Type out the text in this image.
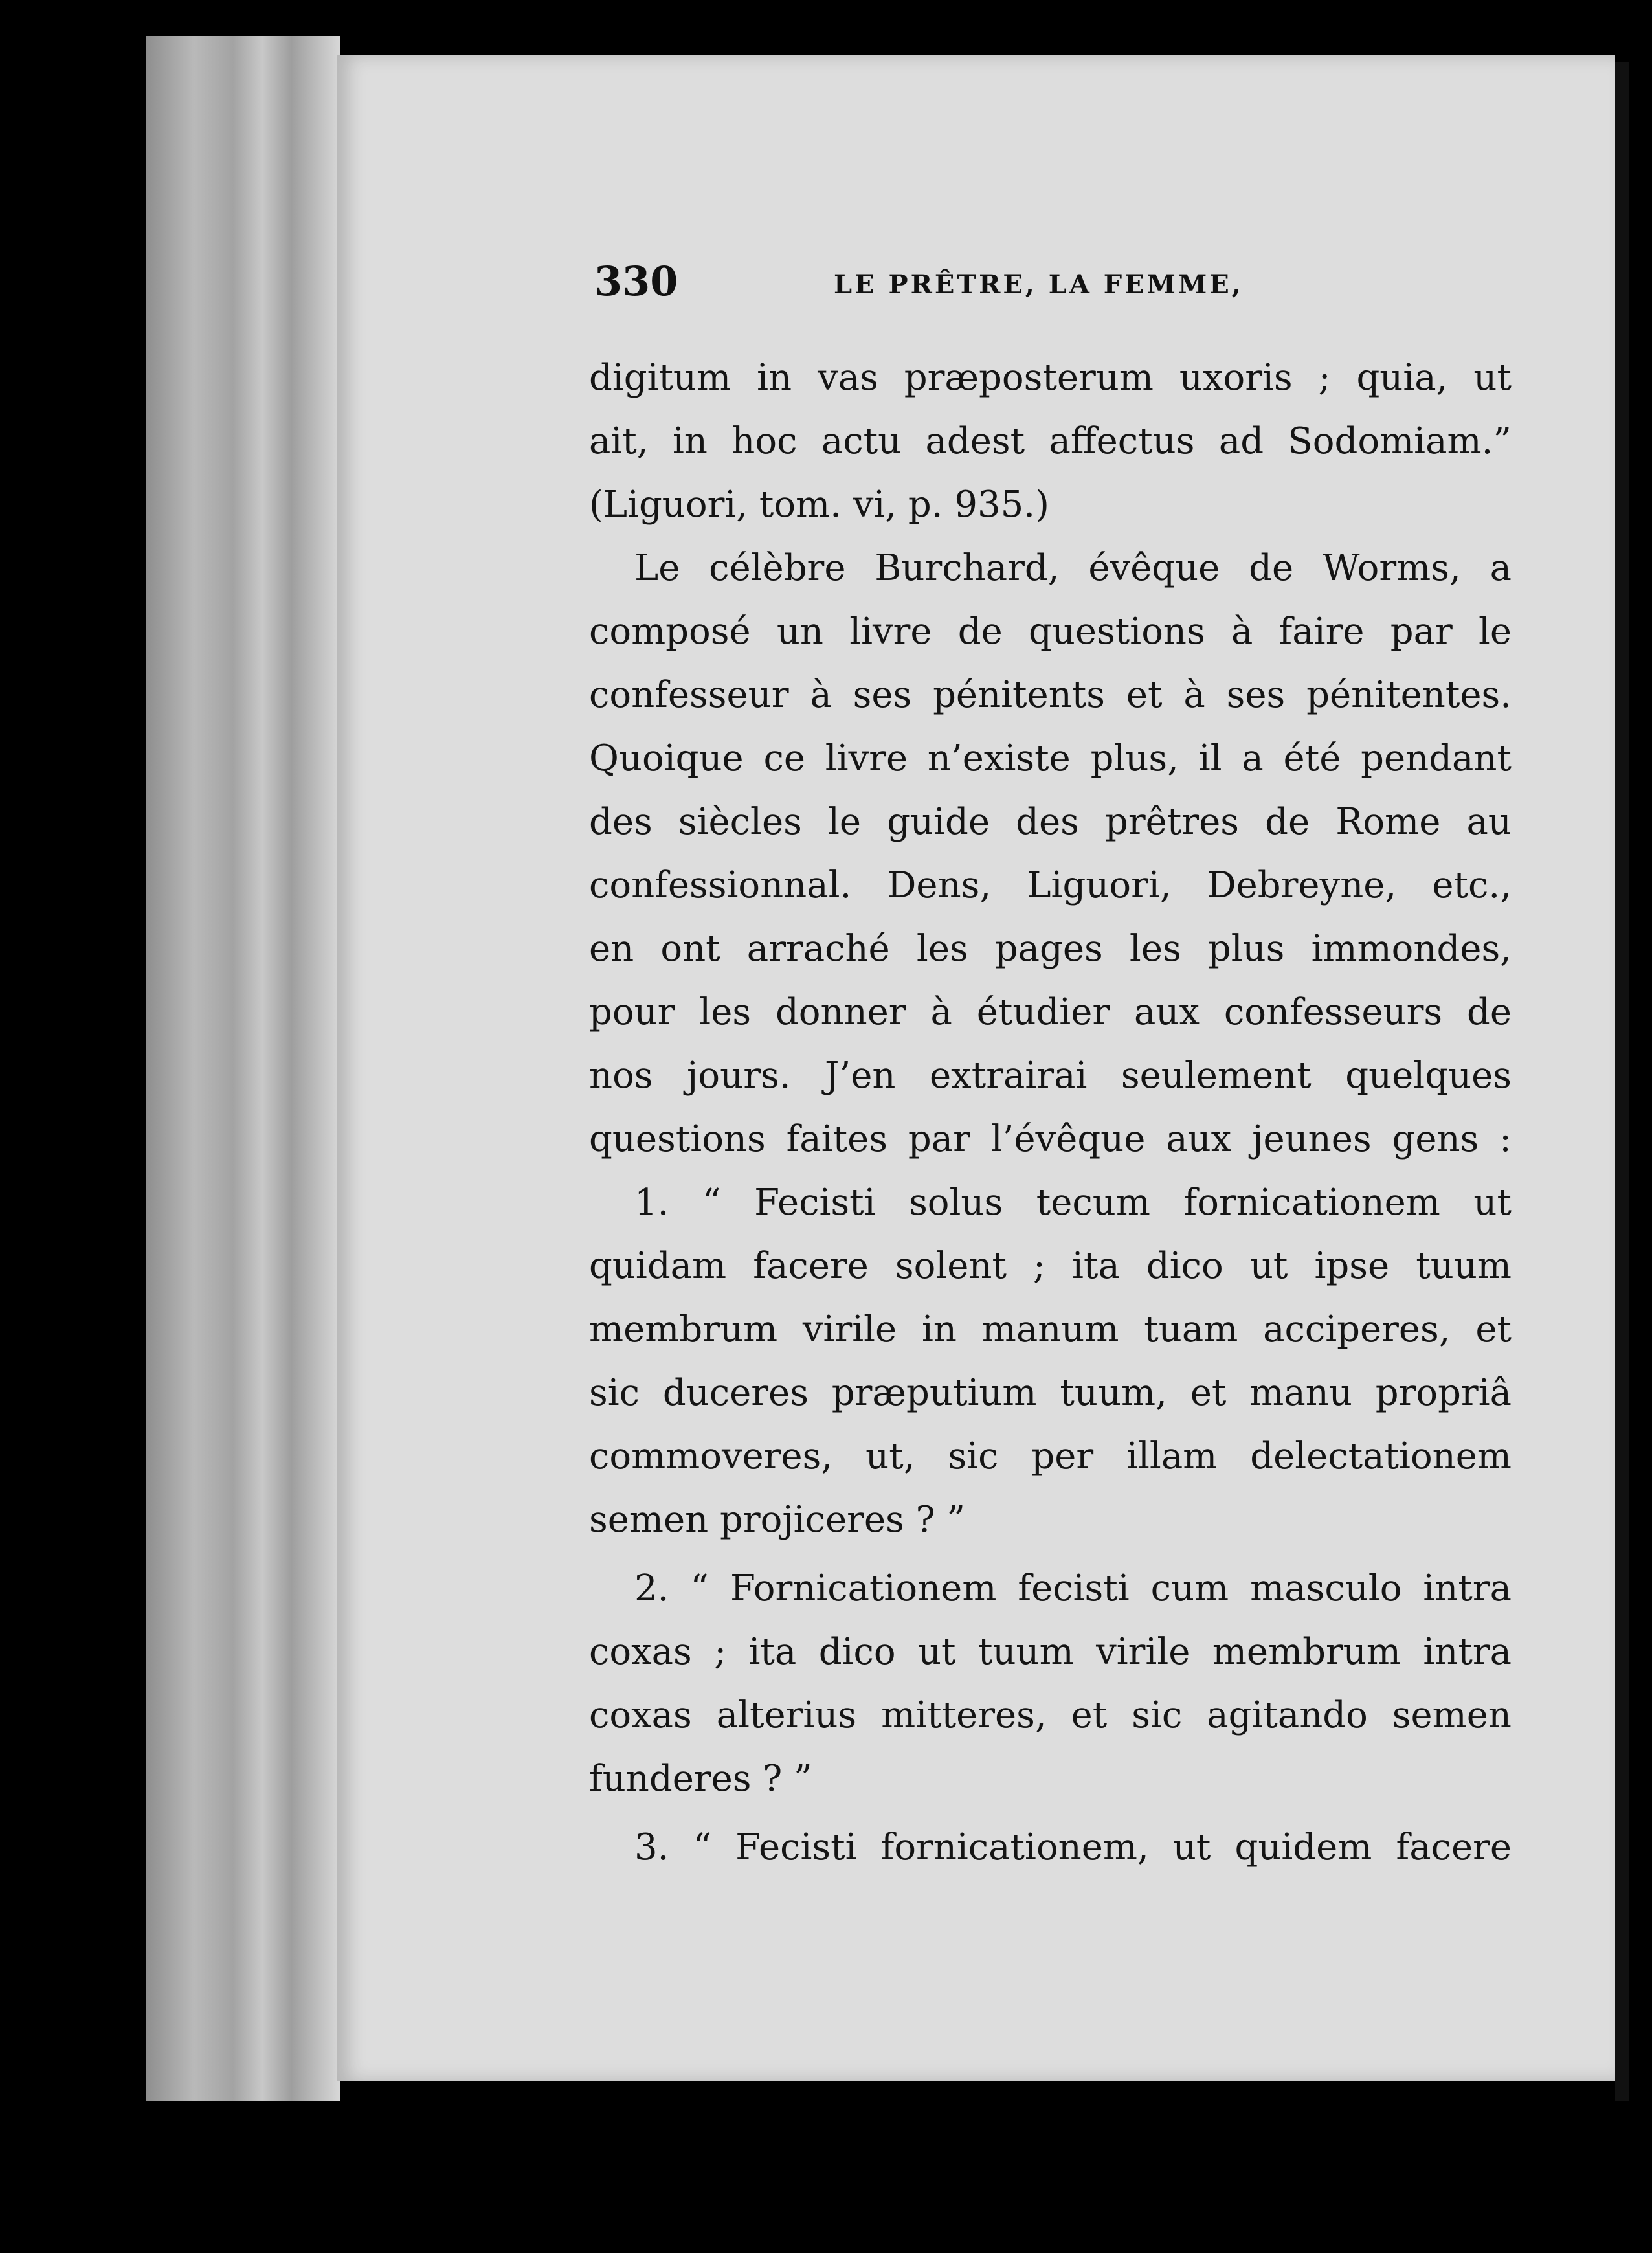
330	LE PRÊTRE, LA FEMME,
digitum in vas præposterum uxoris ; quia, ut
ait, in hoc actu adest affectus ad Sodomiam.”
(Liguori, tom. vi, p. 935.)
Le célèbre Burchard, évêque de Worms, a
composé un livre de questions à faire par le
confesseur à ses pénitents et à ses pénitentes.
Quoique ce livre n’existe plus, il a été pendant
des siècles le guide des prêtres de Rome au
confessionnal. Dens, Liguori, Debreyne, etc.,
en ont arraché les pages les plus immondes,
pour les donner à étudier aux confesseurs de
nos jours. J’en extrairai seulement quelques
questions faites par l’évêque aux jeunes gens :
1. “ Fecisti solus tecum fornicationem ut
quidam facere solent ; ita dico ut ipse tuum
membrum virile in manum tuam acciperes, et
sic duceres præputium tuum, et manu propriâ
commoveres, ut, sic per illam delectationem
semen projiceres ? ”
2. “ Fornicationem fecisti cum masculo intra
coxas ; ita dico ut tuum virile membrum intra
coxas alterius mitteres, et sic agitando semen
funderes ? ”
3. “ Fecisti fornicationem, ut quidem facere
